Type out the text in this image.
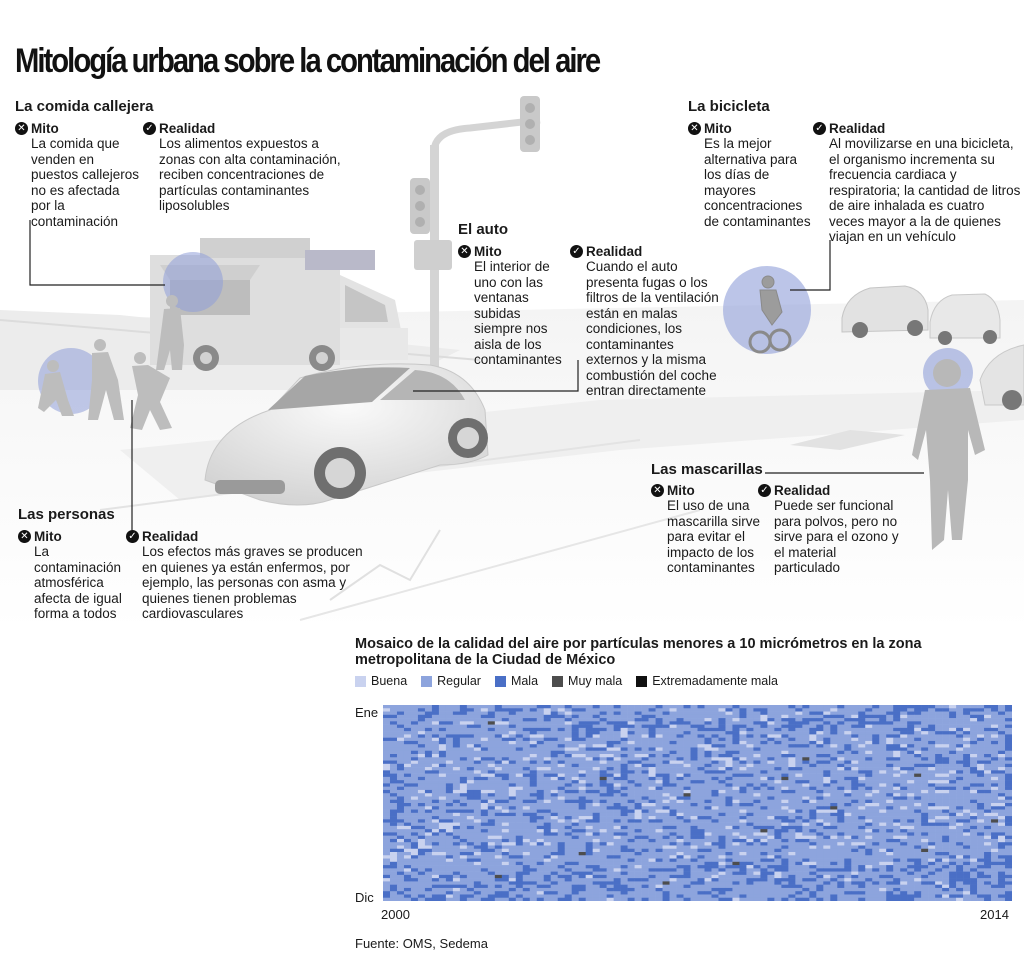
Mitología urbana sobre la contaminación del aire
La comida callejera
✕ Mito
La comida que venden en puestos callejeros no es afectada por la contaminación
✓ Realidad
Los alimentos expuestos a zonas con alta contaminación, reciben concentraciones de partículas contaminantes liposolubles
El auto
✕ Mito
El interior de uno con las ventanas subidas siempre nos aisla de los contaminantes
✓ Realidad
Cuando el auto presenta fugas o los filtros de la ventilación están en malas condiciones, los contaminantes externos y la misma combustión del coche entran directamente
La bicicleta
✕ Mito
Es la mejor alternativa para los días de mayores concentraciones de contaminantes
✓ Realidad
Al movilizarse en una bicicleta, el organismo incrementa su frecuencia cardiaca y respiratoria; la cantidad de litros de aire inhalada es cuatro veces mayor a la de quienes viajan en un vehículo
Las personas
✕ Mito
La contaminación atmosférica afecta de igual forma a todos
✓ Realidad
Los efectos más graves se producen en quienes ya están enfermos, por ejemplo, las personas con asma y quienes tienen problemas cardiovasculares
Las mascarillas
✕ Mito
El uso de una mascarilla sirve para evitar el impacto de los contaminantes
✓ Realidad
Puede ser funcional para polvos, pero no sirve para el ozono y el material particulado
Mosaico de la calidad del aire por partículas menores a 10 micrómetros en la zona metropolitana de la Ciudad de México
Buena Regular Mala Muy mala Extremadamente mala
Ene
Dic
2000	2014
Fuente: OMS, Sedema
